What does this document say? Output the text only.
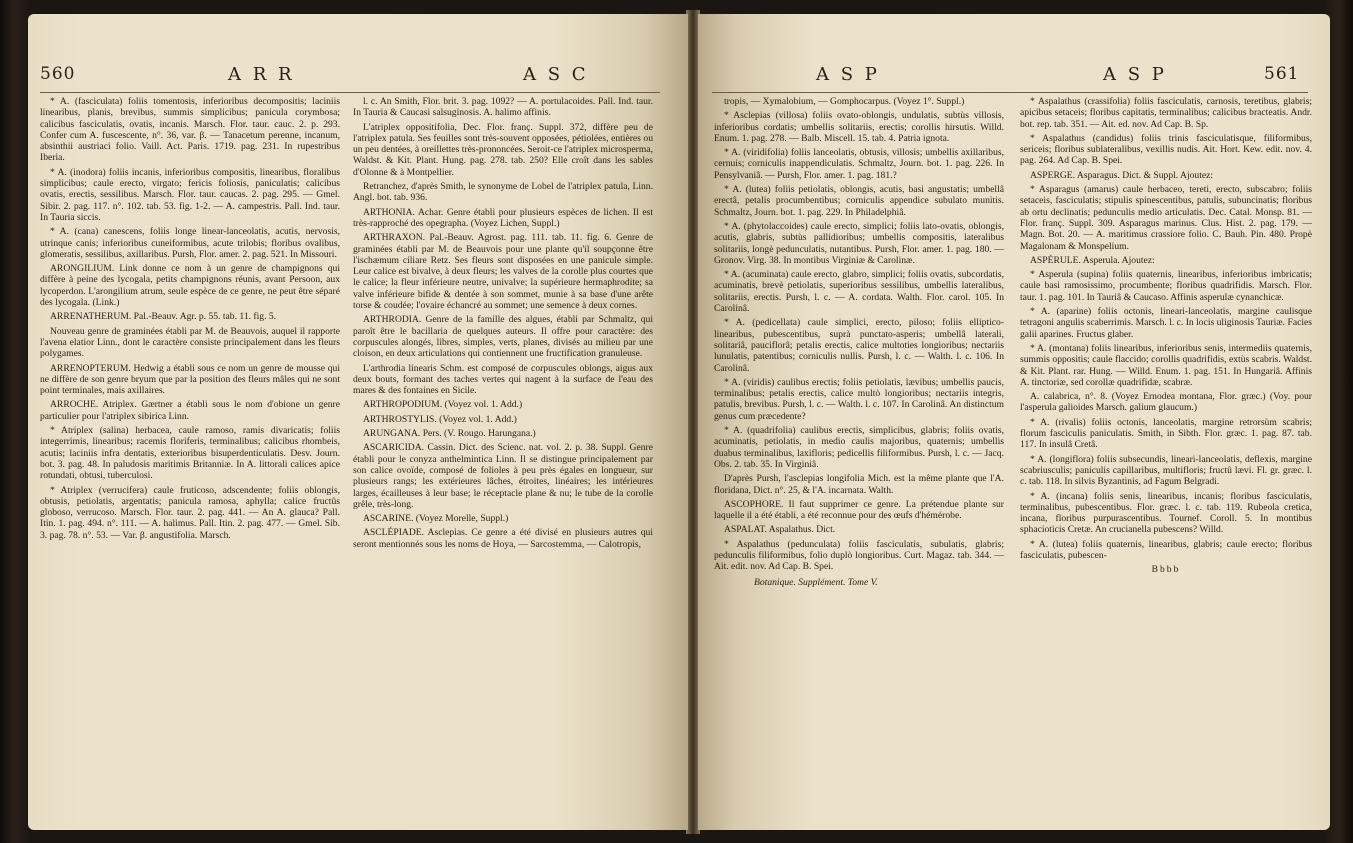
560	A R R	A S C

* A. (fasciculata) foliis tomentosis, inferioribus decompositis; laciniis linearibus, planis, brevibus, summis simplicibus; panicula corymbosa; calicibus fasciculatis, ovatis, incanis. Marsch. Flor. taur. cauc. 2. p. 293. Confer cum A. fuscescente, n°. 36, var. β. — Tanacetum perenne, incanum, absinthii austriaci folio. Vaill. Act. Paris. 1719. pag. 231. In rupestribus Iberia.

* A. (inodora) foliis incanis, inferioribus compositis, linearibus, floralibus simplicibus; caule erecto, virgato; fericis foliosis, paniculatis; calicibus ovatis, erectis, sessilibus. Marsch. Flor. taur. caucas. 2. pag. 295. — Gmel. Sibir. 2. pag. 117. n°. 102. tab. 53. fig. 1-2. — A. campestris. Pall. Ind. taur. In Tauria siccis.

* A. (cana) canescens, foliis longe linear-lanceolatis, acutis, nervosis, utrinque canis; inferioribus cuneiformibus, acute trilobis; floribus ovalibus, glomeratis, sessilibus, axillaribus. Pursh, Flor. amer. 2. pag. 521. In Missouri.

ARONGILIUM. Link donne ce nom à un genre de champignons qui diffère à peine des lycogala, petits champignons réunis, avant Persoon, aux lycoperdon. L'arongilium atrum, seule espèce de ce genre, ne peut être séparé des lycogala. (Link.)

ARRENATHERUM. Pal.-Beauv. Agr. p. 55. tab. 11. fig. 5.

Nouveau genre de graminées établi par M. de Beauvois, auquel il rapporte l'avena elatior Linn., dont le caractère consiste principalement dans les fleurs polygames.

ARRENOPTERUM. Hedwig a établi sous ce nom un genre de mousse qui ne diffère de son genre bryum que par la position des fleurs mâles qui ne sont point terminales, mais axillaires.

ARROCHE. Atriplex. Gærtner a établi sous le nom d'obione un genre particulier pour l'atriplex sibirica Linn.

* Atriplex (salina) herbacea, caule ramoso, ramis divaricatis; foliis integerrimis, linearibus; racemis floriferis, terminalibus; calicibus rhombeis, acutis; laciniis infra dentatis, exterioribus bisuperdenticulatis. Desv. Journ. bot. 3. pag. 48. In paludosis maritimis Britanniæ. In A. littorali calices apice rotundati, obtusi, tuberculosi.

* Atriplex (verrucifera) caule fruticoso, adscendente; foliis oblongis, obtusis, petiolatis, argentatis; panicula ramosa, aphylla; calice fructûs globoso, verrucoso. Marsch. Flor. taur. 2. pag. 441. — An A. glauca? Pall. Itin. 1. pag. 494. n°. 111. — A. halimus. Pall. Itin. 2. pag. 477. — Gmel. Sib. 3. pag. 78. n°. 53. — Var. β. angustifolia. Marsch.

l. c. An Smith, Flor. brit. 3. pag. 1092? — A. portulacoides. Pall. Ind. taur. In Tauria & Caucasi salsuginosis. A. halimo affinis.

L'atriplex oppositifolia, Dec. Flor. franç. Suppl. 372, diffère peu de l'atriplex patula. Ses feuilles sont très-souvent opposées, pétiolées, entières ou un peu dentées, à oreillettes très-prononcées. Seroit-ce l'atriplex microsperma, Waldst. & Kit. Plant. Hung. pag. 278. tab. 250? Elle croît dans les sables d'Olonne & à Montpellier.

Retranchez, d'après Smith, le synonyme de Lobel de l'atriplex patula, Linn. Angl. bot. tab. 936.

ARTHONIA. Achar. Genre établi pour plusieurs espèces de lichen. Il est très-rapproché des opegrapha. (Voyez Lichen, Suppl.)

ARTHRAXON. Pal.-Beauv. Agrost. pag. 111. tab. 11. fig. 6. Genre de graminées établi par M. de Beauvois pour une plante qu'il soupçonne être l'ischæmum ciliare Retz. Ses fleurs sont disposées en une panicule simple. Leur calice est bivalve, à deux fleurs; les valves de la corolle plus courtes que le calice; la fleur inférieure neutre, univalve; la supérieure hermaphrodite; sa valve inférieure bifide & dentée à son sommet, munie à sa base d'une arête torse & coudée; l'ovaire échancré au sommet; une semence à deux cornes.

ARTHRODIA. Genre de la famille des algues, établi par Schmaltz, qui paroît être le bacillaria de quelques auteurs. Il offre pour caractère: des corpuscules alongés, libres, simples, verts, planes, divisés au milieu par une cloison, en deux articulations qui contiennent une fructification granuleuse.

L'arthrodia linearis Schm. est composé de corpuscules oblongs, aigus aux deux bouts, formant des taches vertes qui nagent à la surface de l'eau des mares & des fontaines en Sicile.

ARTHROPODIUM. (Voyez vol. 1. Add.)

ARTHROSTYLIS. (Voyez vol. 1. Add.)

ARUNGANA. Pers. (V. Rougo. Harungana.)

ASCARICIDA. Cassin. Dict. des Scienc. nat. vol. 2. p. 38. Suppl. Genre établi pour le conyza anthelmintica Linn. Il se distingue principalement par son calice ovoïde, composé de folioles à peu près égales en longueur, sur plusieurs rangs; les extérieures lâches, étroites, linéaires; les intérieures larges, écailleuses à leur base; le réceptacle plane & nu; le tube de la corolle grêle, très-long.

ASCARINE. (Voyez Morelle, Suppl.)

ASCLÉPIADE. Asclepias. Ce genre a été divisé en plusieurs autres qui seront mentionnés sous les noms de Hoya, — Sarcostemma, — Calotropis,

A S P	A S P	561

tropis, — Xymalobium, — Gomphocarpus. (Voyez 1°. Suppl.)

* Asclepias (villosa) foliis ovato-oblongis, undulatis, subtùs villosis, inferioribus cordatis; umbellis solitariis, erectis; corollis hirsutis. Willd. Enum. 1. pag. 278. — Balb. Miscell. 15. tab. 4. Patria ignota.

* A. (viridifolia) foliis lanceolatis, obtusis, villosis; umbellis axillaribus, cernuis; corniculis inappendiculatis. Schmaltz, Journ. bot. 1. pag. 226. In Pensylvaniâ. — Pursh, Flor. amer. 1. pag. 181.?

* A. (lutea) foliis petiolatis, oblongis, acutis, basi angustatis; umbellâ erectâ, petalis procumbentibus; corniculis appendice subulato munitis. Schmaltz, Journ. bot. 1. pag. 229. In Philadelphiâ.

* A. (phytolaccoides) caule erecto, simplici; foliis lato-ovatis, oblongis, acutis, glabris, subtùs pallidioribus; umbellis compositis, lateralibus solitariis, longè pedunculatis, nutantibus. Pursh, Flor. amer. 1. pag. 180. — Gronov. Virg. 38. In montibus Virginiæ & Carolinæ.

* A. (acuminata) caule erecto, glabro, simplici; foliis ovatis, subcordatis, acuminatis, brevè petiolatis, superioribus sessilibus, umbellis lateralibus, solitariis, erectis. Pursh, l. c. — A. cordata. Walth. Flor. carol. 105. In Carolinâ.

* A. (pedicellata) caule simplici, erecto, piloso; foliis elliptico-linearibus, pubescentibus, suprà punctato-asperis; umbellâ laterali, solitariâ, pauciflorâ; petalis erectis, calice multoties longioribus; nectariis lunulatis, patentibus; corniculis nullis. Pursh, l. c. — Walth. l. c. 106. In Carolinâ.

* A. (viridis) caulibus erectis; foliis petiolatis, lævibus; umbellis paucis, terminalibus; petalis erectis, calice multò longioribus; nectariis integris, patulis, brevibus. Pursh, l. c. — Walth. l. c. 107. In Carolinâ. An distinctum genus cum præcedente?

* A. (quadrifolia) caulibus erectis, simplicibus, glabris; foliis ovatis, acuminatis, petiolatis, in medio caulis majoribus, quaternis; umbellis duabus terminalibus, laxifloris; pedicellis filiformibus. Pursh, l. c. — Jacq. Obs. 2. tab. 35. In Virginiâ.

D'après Pursh, l'asclepias longifolia Mich. est la même plante que l'A. floridana, Dict. n°. 25, & l'A. incarnata. Walth.

ASCOPHORE. Il faut supprimer ce genre. La prétendue plante sur laquelle il a été établi, a été reconnue pour des œufs d'hémérobe.

ASPALAT. Aspalathus. Dict.

* Aspalathus (pedunculata) foliis fasciculatis, subulatis, glabris; pedunculis filiformibus, folio duplò longioribus. Curt. Magaz. tab. 344. — Ait. edit. nov. Ad Cap. B. Spei.

Botanique. Supplément. Tome V.

* Aspalathus (crassifolia) foliis fasciculatis, carnosis, teretibus, glabris; apicibus setaceis; floribus capitatis, terminalibus; calicibus bracteatis. Andr. bot. rep. tab. 351. — Ait. ed. nov. Ad Cap. B. Sp.

* Aspalathus (candidus) foliis trinis fasciculatisque, filiformibus, sericeis; floribus sublateralibus, vexillis nudis. Ait. Hort. Kew. edit. nov. 4. pag. 264. Ad Cap. B. Spei.

ASPERGE. Asparagus. Dict. & Suppl. Ajoutez:

* Asparagus (amarus) caule herbaceo, tereti, erecto, subscabro; foliis setaceis, fasciculatis; stipulis spinescentibus, patulis, subuncinatis; floribus ab ortu declinatis; pedunculis medio articulatis. Dec. Catal. Monsp. 81. — Flor. franç. Suppl. 309. Asparagus marinus. Clus. Hist. 2. pag. 179. — Magn. Bot. 20. — A. maritimus crassiore folio. C. Bauh. Pin. 480. Propè Magalonam & Monspelium.

ASPÉRULE. Asperula. Ajoutez:

* Asperula (supina) foliis quaternis, linearibus, inferioribus imbricatis; caule basi ramosissimo, procumbente; floribus quadrifidis. Marsch. Flor. taur. 1. pag. 101. In Tauriâ & Caucaso. Affinis asperulæ cynanchicæ.

* A. (aparine) foliis octonis, lineari-lanceolatis, margine caulisque tetragoni angulis scaberrimis. Marsch. l. c. In locis uliginosis Tauriæ. Facies galii aparines. Fructus glaber.

* A. (montana) foliis linearibus, inferioribus senis, intermediis quaternis, summis oppositis; caule flaccido; corollis quadrifidis, extùs scabris. Waldst. & Kit. Plant. rar. Hung. — Willd. Enum. 1. pag. 151. In Hungariâ. Affinis A. tinctoriæ, sed corollæ quadrifidæ, scabræ.

A. calabrica, n°. 8. (Voyez Ernodea montana, Flor. græc.) (Voy. pour l'asperula galioides Marsch. galium glaucum.)

* A. (rivalis) foliis octonis, lanceolatis, margine retrorsùm scabris; florum fasciculis paniculatis. Smith, in Sibth. Flor. græc. 1. pag. 87. tab. 117. In insulâ Cretâ.

* A. (longiflora) foliis subsecundis, lineari-lanceolatis, deflexis, margine scabriusculis; paniculis capillaribus, multifloris; fructû lævi. Fl. gr. græc. l. c. tab. 118. In silvis Byzantinis, ad Fagum Belgradi.

* A. (incana) foliis senis, linearibus, incanis; floribus fasciculatis, terminalibus, pubescentibus. Flor. græc. l. c. tab. 119. Rubeola cretica, incana, floribus purpurascentibus. Tournef. Coroll. 5. In montibus sphacioticis Cretæ. An crucianella pubescens? Willd.

* A. (lutea) foliis quaternis, linearibus, glabris; caule erecto; floribus fasciculatis, pubescen-

Bbbb
